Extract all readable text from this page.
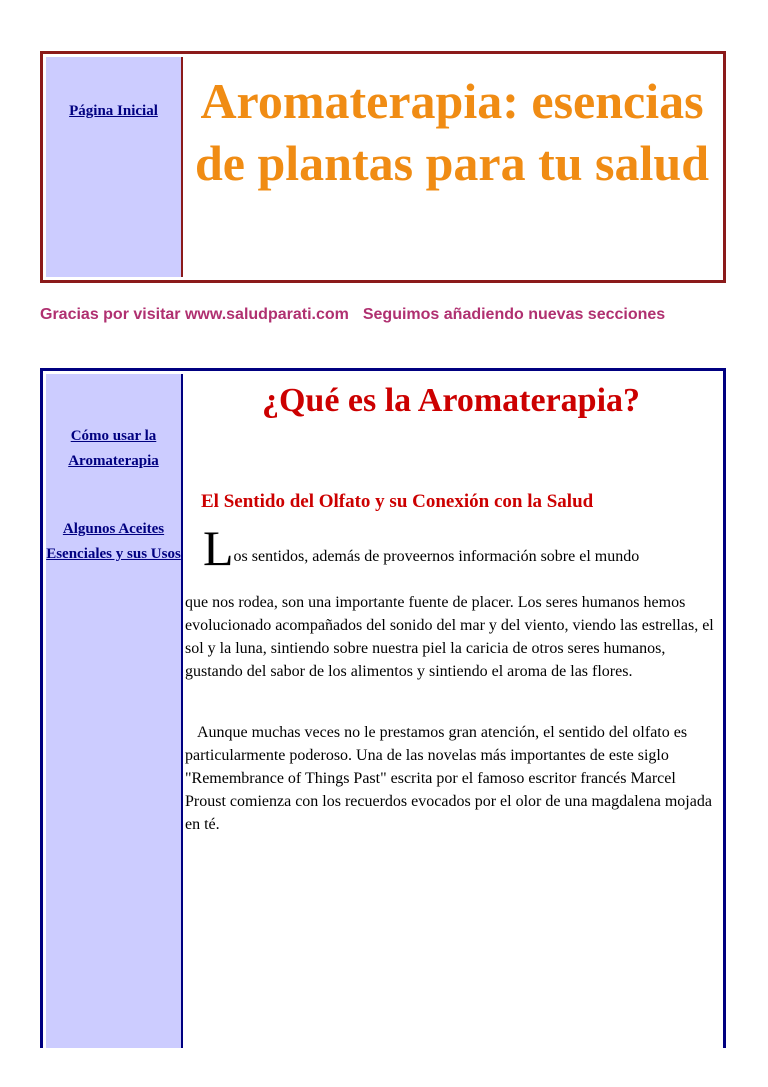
Página Inicial Aromaterapia: esencias de plantas para tu salud
Gracias por visitar www.saludparati.com Seguimos añadiendo nuevas secciones
Cómo usar la Aromaterapia
Algunos Aceites Esenciales y sus Usos
¿Qué es la Aromaterapia?
El Sentido del Olfato y su Conexión con la Salud
Los sentidos, además de proveernos información sobre el mundo

que nos rodea, son una importante fuente de placer. Los seres humanos hemos evolucionado acompañados del sonido del mar y del viento, viendo las estrellas, el sol y la luna, sintiendo sobre nuestra piel la caricia de otros seres humanos, gustando del sabor de los alimentos y sintiendo el aroma de las flores.

Aunque muchas veces no le prestamos gran atención, el sentido del olfato es particularmente poderoso. Una de las novelas más importantes de este siglo "Remembrance of Things Past" escrita por el famoso escritor francés Marcel Proust comienza con los recuerdos evocados por el olor de una magdalena mojada en té.
